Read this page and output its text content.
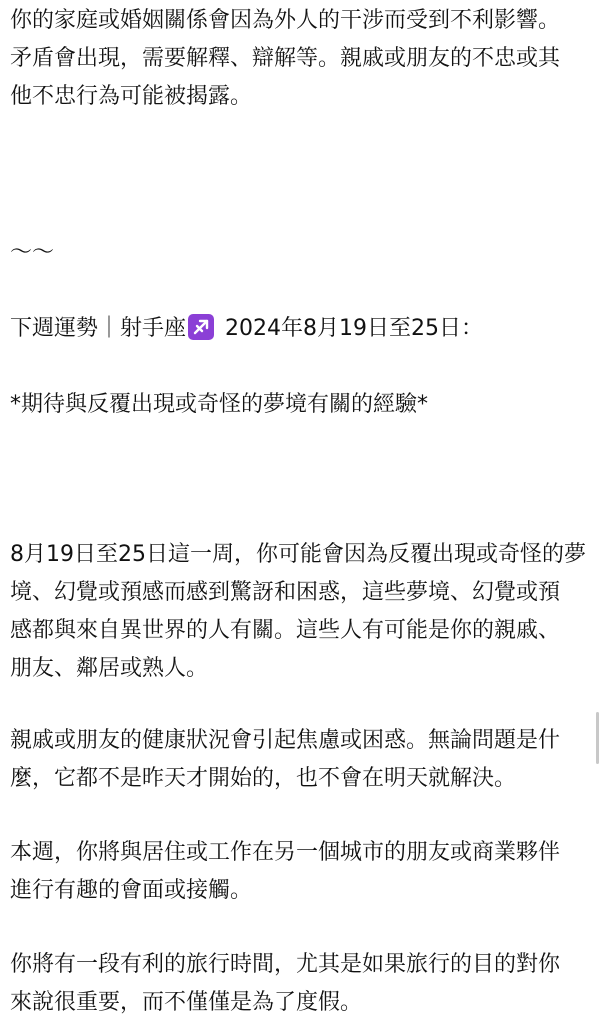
你的家庭或婚姻關係會因為外人的干涉而受到不利影響。
矛盾會出現，需要解釋、辯解等。親戚或朋友的不忠或其
他不忠行為可能被揭露。

～～

下週運勢｜射手座
2024年8月19日至25日：

*期待與反覆出現或奇怪的夢境有關的經驗*

8月19日至25日這一周，你可能會因為反覆出現或奇怪的夢
境、幻覺或預感而感到驚訝和困惑，這些夢境、幻覺或預
感都與來自異世界的人有關。這些人有可能是你的親戚、
朋友、鄰居或熟人。

親戚或朋友的健康狀況會引起焦慮或困惑。無論問題是什
麼，它都不是昨天才開始的，也不會在明天就解決。

本週，你將與居住或工作在另一個城市的朋友或商業夥伴
進行有趣的會面或接觸。

你將有一段有利的旅行時間，尤其是如果旅行的目的對你
來說很重要，而不僅僅是為了度假。
